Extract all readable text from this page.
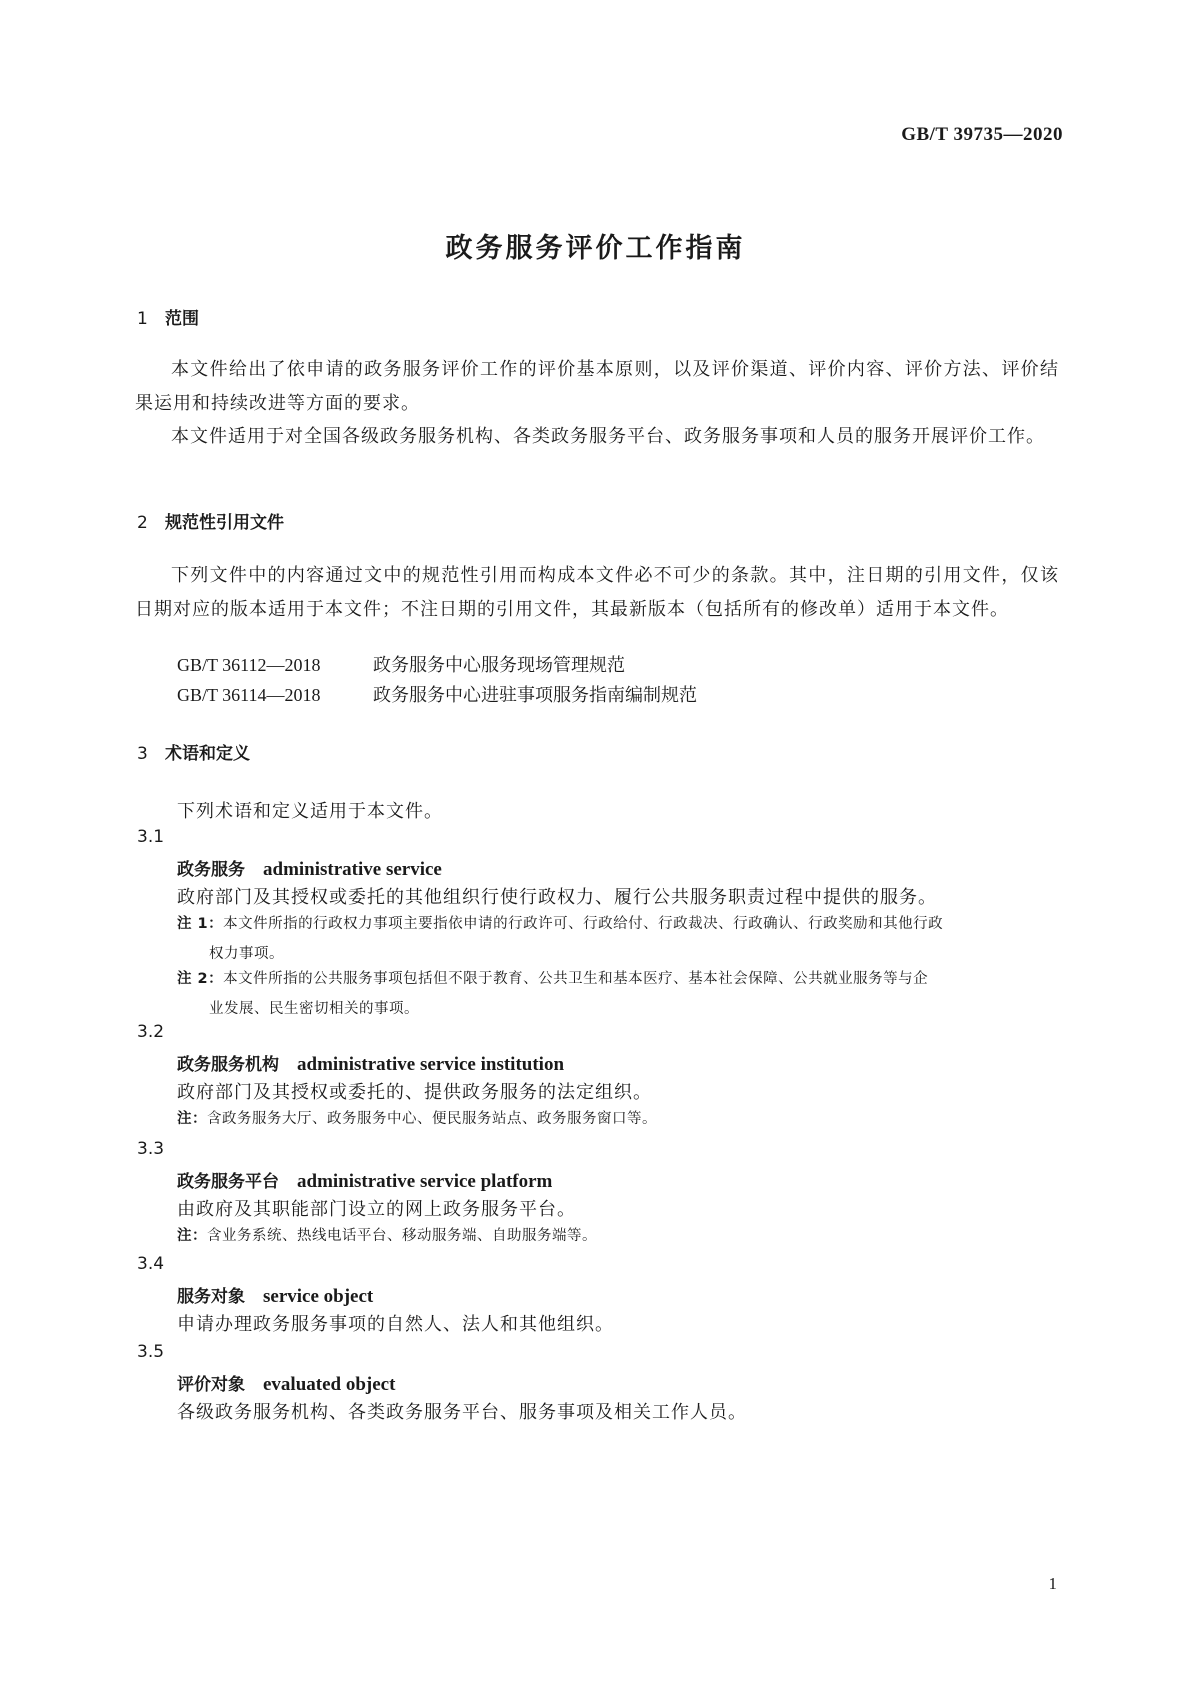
GB/T 39735—2020
政务服务评价工作指南
1 范围
本文件给出了依申请的政务服务评价工作的评价基本原则，以及评价渠道、评价内容、评价方法、评价结果运用和持续改进等方面的要求。
本文件适用于对全国各级政务服务机构、各类政务服务平台、政务服务事项和人员的服务开展评价工作。
2 规范性引用文件
下列文件中的内容通过文中的规范性引用而构成本文件必不可少的条款。其中，注日期的引用文件，仅该日期对应的版本适用于本文件；不注日期的引用文件，其最新版本（包括所有的修改单）适用于本文件。
GB/T 36112—2018	政务服务中心服务现场管理规范
GB/T 36114—2018	政务服务中心进驻事项服务指南编制规范
3 术语和定义
下列术语和定义适用于本文件。
3.1
政务服务 administrative service
政府部门及其授权或委托的其他组织行使行政权力、履行公共服务职责过程中提供的服务。
注 1：本文件所指的行政权力事项主要指依申请的行政许可、行政给付、行政裁决、行政确认、行政奖励和其他行政
权力事项。
注 2：本文件所指的公共服务事项包括但不限于教育、公共卫生和基本医疗、基本社会保障、公共就业服务等与企
业发展、民生密切相关的事项。
3.2
政务服务机构 administrative service institution
政府部门及其授权或委托的、提供政务服务的法定组织。
注：含政务服务大厅、政务服务中心、便民服务站点、政务服务窗口等。
3.3
政务服务平台 administrative service platform
由政府及其职能部门设立的网上政务服务平台。
注：含业务系统、热线电话平台、移动服务端、自助服务端等。
3.4
服务对象 service object
申请办理政务服务事项的自然人、法人和其他组织。
3.5
评价对象 evaluated object
各级政务服务机构、各类政务服务平台、服务事项及相关工作人员。
1
